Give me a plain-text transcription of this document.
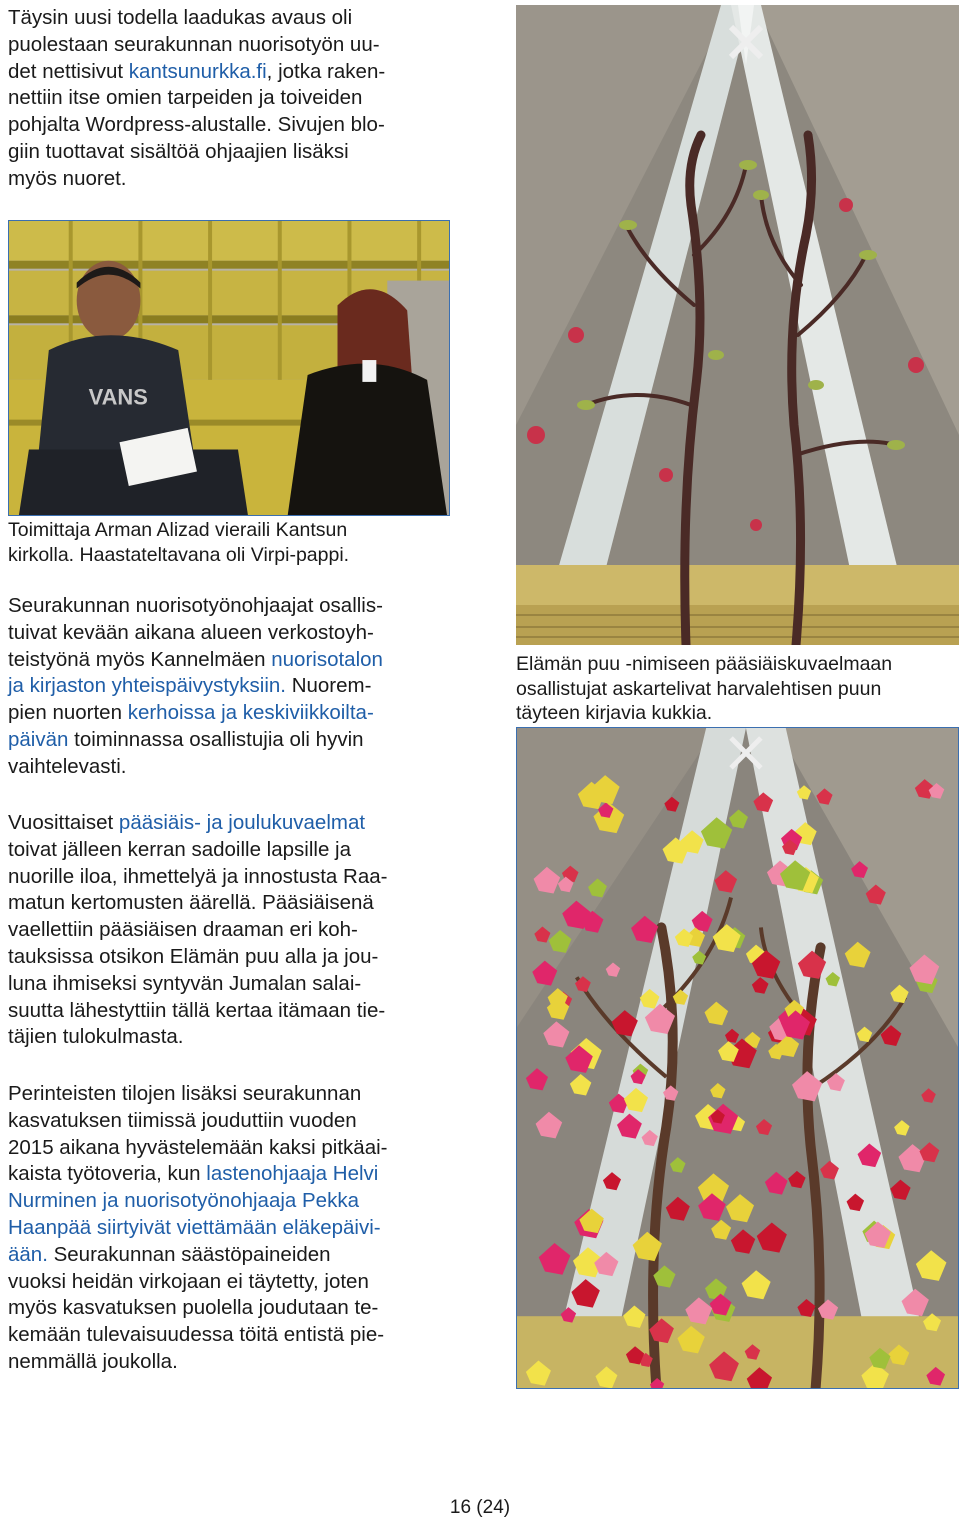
Täysin uusi todella laadukas avaus oli
puolestaan seurakunnan nuorisotyön uu-
det nettisivut kantsunurkka.fi, jotka raken-
nettiin itse omien tarpeiden ja toiveiden
pohjalta Wordpress-alustalle. Sivujen blo-
giin tuottavat sisältöä ohjaajien lisäksi
myös nuoret.

VANS

Toimittaja Arman Alizad vieraili Kantsun
kirkolla. Haastateltavana oli Virpi-pappi.

Seurakunnan nuorisotyönohjaajat osallis-
tuivat kevään aikana alueen verkostoyh-
teistyönä myös Kannelmäen nuorisotalon
ja kirjaston yhteispäivystyksiin. Nuorem-
pien nuorten kerhoissa ja keskiviikkoilta-
päivän toiminnassa osallistujia oli hyvin
vaihtelevasti.

Vuosittaiset pääsiäis- ja joulukuvaelmat
toivat jälleen kerran sadoille lapsille ja
nuorille iloa, ihmettelyä ja innostusta Raa-
matun kertomusten äärellä. Pääsiäisenä
vaellettiin pääsiäisen draaman eri koh-
tauksissa otsikon Elämän puu alla ja jou-
luna ihmiseksi syntyvän Jumalan salai-
suutta lähestyttiin tällä kertaa itämaan tie-
täjien tulokulmasta.

Perinteisten tilojen lisäksi seurakunnan
kasvatuksen tiimissä jouduttiin vuoden
2015 aikana hyvästelemään kaksi pitkäai-
kaista työtoveria, kun lastenohjaaja Helvi
Nurminen ja nuorisotyönohjaaja Pekka
Haanpää siirtyivät viettämään eläkepäivi-
ään. Seurakunnan säästöpaineiden
vuoksi heidän virkojaan ei täytetty, joten
myös kasvatuksen puolella joudutaan te-
kemään tulevaisuudessa töitä entistä pie-
nemmällä joukolla.

Elämän puu -nimiseen pääsiäiskuvaelmaan
osallistujat askartelivat harvalehtisen puun
täyteen kirjavia kukkia.

16 (24)
